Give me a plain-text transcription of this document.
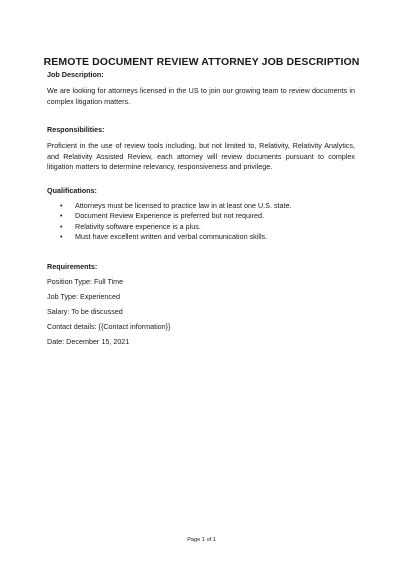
REMOTE DOCUMENT REVIEW ATTORNEY JOB DESCRIPTION
Job Description:
We are looking for attorneys licensed in the US to join our growing team to review documents in complex litigation matters.
Responsibilities:
Proficient in the use of review tools including, but not limited to, Relativity, Relativity Analytics, and Relativity Assisted Review, each attorney will review documents pursuant to complex litigation matters to determine relevancy, responsiveness and privilege.
Qualifications:
• Attorneys must be licensed to practice law in at least one U.S. state.
• Document Review Experience is preferred but not required.
• Relativity software experience is a plus.
• Must have excellent written and verbal communication skills.
Requirements:
Position Type: Full Time
Job Type: Experienced
Salary: To be discussed
Contact details: {{Contact information}}
Date: December 15, 2021
Page 1 of 1
